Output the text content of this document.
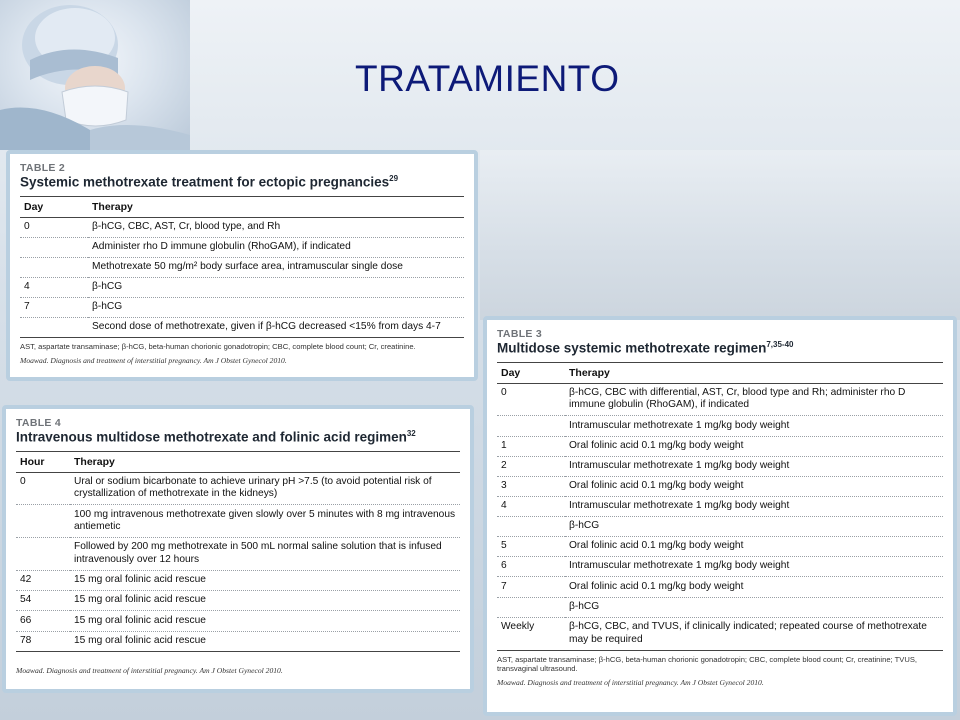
TRATAMIENTO
TABLE 2
Systemic methotrexate treatment for ectopic pregnancies$^{29}$
Day	Therapy
0	β-hCG, CBC, AST, Cr, blood type, and Rh
	Administer rho D immune globulin (RhoGAM), if indicated
	Methotrexate 50 mg/m² body surface area, intramuscular single dose
4	β-hCG
7	β-hCG
	Second dose of methotrexate, given if β-hCG decreased <15% from days 4-7
AST, aspartate transaminase; β-hCG, beta-human chorionic gonadotropin; CBC, complete blood count; Cr, creatinine.
Moawad. Diagnosis and treatment of interstitial pregnancy. Am J Obstet Gynecol 2010.
TABLE 4
Intravenous multidose methotrexate and folinic acid regimen$^{32}$
Hour	Therapy
0	Ural or sodium bicarbonate to achieve urinary pH >7.5 (to avoid potential risk of crystallization of methotrexate in the kidneys)
	100 mg intravenous methotrexate given slowly over 5 minutes with 8 mg intravenous antiemetic
	Followed by 200 mg methotrexate in 500 mL normal saline solution that is infused intravenously over 12 hours
42	15 mg oral folinic acid rescue
54	15 mg oral folinic acid rescue
66	15 mg oral folinic acid rescue
78	15 mg oral folinic acid rescue
Moawad. Diagnosis and treatment of interstitial pregnancy. Am J Obstet Gynecol 2010.
TABLE 3
Multidose systemic methotrexate regimen$^{7,35-40}$
Day	Therapy
0	β-hCG, CBC with differential, AST, Cr, blood type and Rh; administer rho D immune globulin (RhoGAM), if indicated
	Intramuscular methotrexate 1 mg/kg body weight
1	Oral folinic acid 0.1 mg/kg body weight
2	Intramuscular methotrexate 1 mg/kg body weight
3	Oral folinic acid 0.1 mg/kg body weight
4	Intramuscular methotrexate 1 mg/kg body weight
	β-hCG
5	Oral folinic acid 0.1 mg/kg body weight
6	Intramuscular methotrexate 1 mg/kg body weight
7	Oral folinic acid 0.1 mg/kg body weight
	β-hCG
Weekly	β-hCG, CBC, and TVUS, if clinically indicated; repeated course of methotrexate may be required
AST, aspartate transaminase; β-hCG, beta-human chorionic gonadotropin; CBC, complete blood count; Cr, creatinine; TVUS, transvaginal ultrasound.
Moawad. Diagnosis and treatment of interstitial pregnancy. Am J Obstet Gynecol 2010.
